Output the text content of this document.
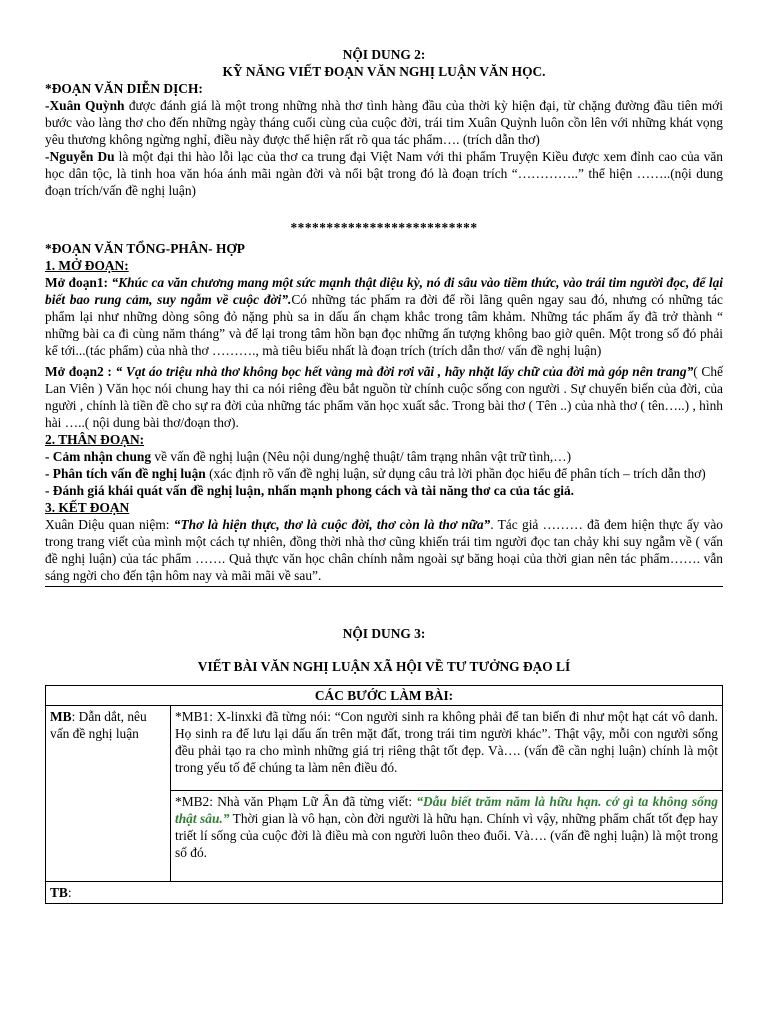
NỘI DUNG 2:

KỸ NĂNG VIẾT ĐOẠN VĂN NGHỊ LUẬN VĂN HỌC.

*ĐOẠN VĂN DIỄN DỊCH:

-Xuân Quỳnh được đánh giá là một trong những nhà thơ tình hàng đầu của thời kỳ hiện đại, từ chặng đường đầu tiên mới bước vào làng thơ cho đến những ngày tháng cuối cùng của cuộc đời, trái tim Xuân Quỳnh luôn cồn lên với những khát vọng yêu thương không ngừng nghỉ, điều này được thể hiện rất rõ qua tác phẩm…. (trích dẫn thơ)

-Nguyễn Du là một đại thi hào lỗi lạc của thơ ca trung đại Việt Nam với thi phẩm Truyện Kiều được xem đỉnh cao của văn học dân tộc, là tinh hoa văn hóa ánh mãi ngàn đời và nổi bật trong đó là đoạn trích “…………..” thể hiện ……..(nội dung đoạn trích/vấn đề nghị luận)

**************************

*ĐOẠN VĂN TỔNG-PHÂN- HỢP

1. MỞ ĐOẠN:

Mở đoạn1: “Khúc ca văn chương mang một sức mạnh thật diệu kỳ, nó đi sâu vào tiềm thức, vào trái tim người đọc, để lại biết bao rung cảm, suy ngẫm về cuộc đời”.Có những tác phẩm ra đời để rồi lãng quên ngay sau đó, nhưng có những tác phẩm lại như những dòng sông đỏ nặng phù sa in dấu ấn chạm khắc trong tâm khảm. Những tác phẩm ấy đã trở thành “ những bài ca đi cùng năm tháng” và để lại trong tâm hồn bạn đọc những ấn tượng không bao giờ quên. Một trong số đó phải kể tới...(tác phẩm) của nhà thơ ………., mà tiêu biểu nhất là đoạn trích (trích dẫn thơ/ vấn đề nghị luận)

Mở đoạn2 : “ Vạt áo triệu nhà thơ không bọc hết vàng mà đời rơi vãi , hãy nhặt lấy chữ của đời mà góp nên trang”( Chế Lan Viên ) Văn học nói chung hay thi ca nói riêng đều bắt nguồn từ chính cuộc sống con người . Sự chuyển biến của đời, của người , chính là tiền đề cho sự ra đời của những tác phẩm văn học xuất sắc. Trong bài thơ ( Tên ..) của nhà thơ ( tên…..) , hình hài …..( nội dung bài thơ/đoạn thơ).

2. THÂN ĐOẠN:

- Cảm nhận chung về vấn đề nghị luận (Nêu nội dung/nghệ thuật/ tâm trạng nhân vật trữ tình,…)

- Phân tích vấn đề nghị luận (xác định rõ vấn đề nghị luận, sử dụng câu trả lời phần đọc hiểu để phân tích – trích dẫn thơ)

- Đánh giá khái quát vấn đề nghị luận, nhấn mạnh phong cách và tài năng thơ ca của tác giả.

3. KẾT ĐOẠN

Xuân Diệu quan niệm: “Thơ là hiện thực, thơ là cuộc đời, thơ còn là thơ nữa”. Tác giả ……… đã đem hiện thực ấy vào trong trang viết của mình một cách tự nhiên, đồng thời nhà thơ cũng khiến trái tim người đọc tan chảy khi suy ngẫm về ( vấn đề nghị luận) của tác phẩm ……. Quả thực văn học chân chính nằm ngoài sự băng hoại của thời gian nên tác phẩm……. vẫn sáng ngời cho đến tận hôm nay và mãi mãi về sau”.

NỘI DUNG 3:

VIẾT BÀI VĂN NGHỊ LUẬN XÃ HỘI VỀ TƯ TƯỞNG ĐẠO LÍ

CÁC BƯỚC LÀM BÀI:
MB: Dẫn dắt, nêu vấn đề nghị luận	*MB1: X-linxki đã từng nói: “Con người sinh ra không phải để tan biến đi như một hạt cát vô danh. Họ sinh ra để lưu lại dấu ấn trên mặt đất, trong trái tim người khác”. Thật vậy, mỗi con người sống đều phải tạo ra cho mình những giá trị riêng thật tốt đẹp. Và…. (vấn đề cần nghị luận) chính là một trong yếu tố để chúng ta làm nên điều đó.
*MB2: Nhà văn Phạm Lữ Ân đã từng viết: “Dẫu biết trăm năm là hữu hạn. cớ gì ta không sống thật sâu.” Thời gian là vô hạn, còn đời người là hữu hạn. Chính vì vậy, những phẩm chất tốt đẹp hay triết lí sống của cuộc đời là điều mà con người luôn theo đuổi. Và…. (vấn đề nghị luận) là một trong số đó.
TB:
